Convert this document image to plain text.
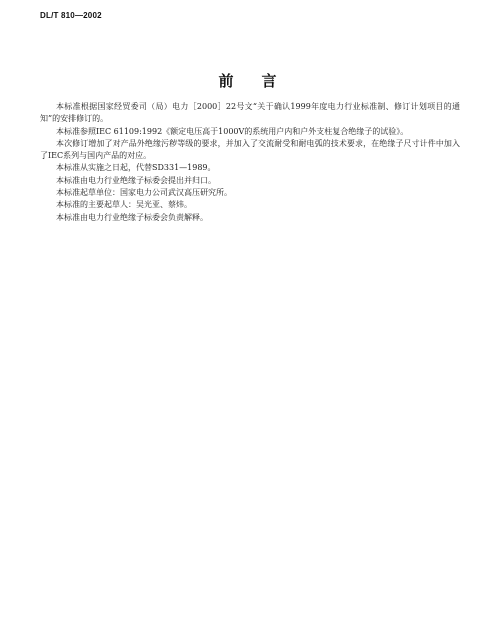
DL/T 810—2002
前言

本标准根据国家经贸委司（局）电力［2000］22号文“关于确认1999年度电力行业标准制、修订计划项目的通知”的安排修订的。

本标准参照IEC 61109:1992《额定电压高于1000V的系统用户内和户外支柱复合绝缘子的试验》。

本次修订增加了对产品外绝缘污秽等级的要求，并加入了交流耐受和耐电弧的技术要求，在绝缘子尺寸计件中加入了IEC系列与国内产品的对应。

本标准从实施之日起，代替SD331—1989。

本标准由电力行业绝缘子标委会提出并归口。

本标准起草单位：国家电力公司武汉高压研究所。

本标准的主要起草人：吴光亚、蔡炜。

本标准由电力行业绝缘子标委会负责解释。
